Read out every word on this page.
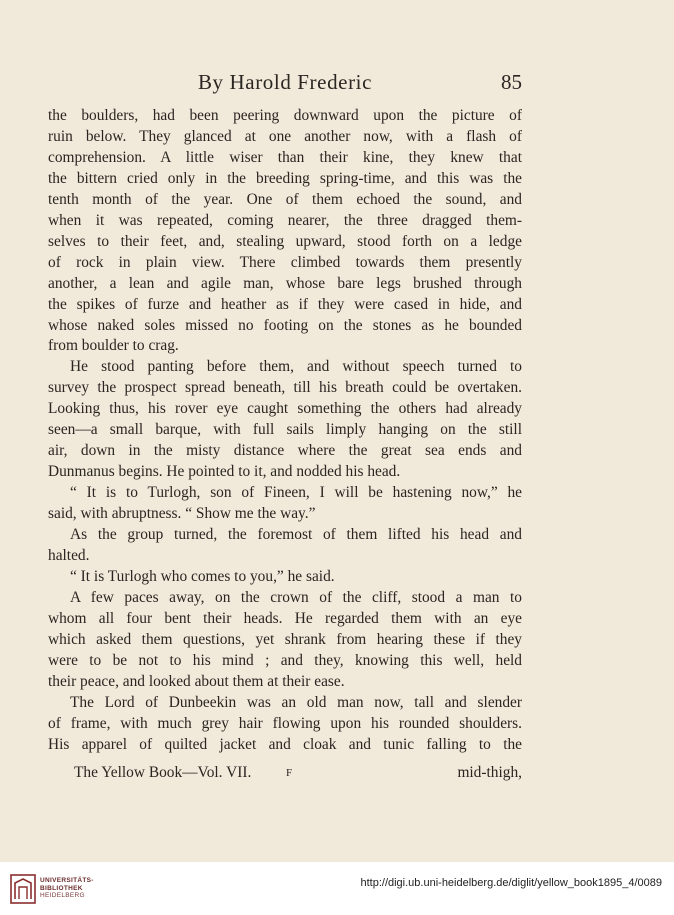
By Harold Frederic	85
the boulders, had been peering downward upon the picture of
ruin below. They glanced at one another now, with a flash of
comprehension. A little wiser than their kine, they knew that
the bittern cried only in the breeding spring-time, and this was the
tenth month of the year. One of them echoed the sound, and
when it was repeated, coming nearer, the three dragged them-
selves to their feet, and, stealing upward, stood forth on a ledge
of rock in plain view. There climbed towards them presently
another, a lean and agile man, whose bare legs brushed through
the spikes of furze and heather as if they were cased in hide, and
whose naked soles missed no footing on the stones as he bounded
from boulder to crag.
He stood panting before them, and without speech turned to
survey the prospect spread beneath, till his breath could be overtaken.
Looking thus, his rover eye caught something the others had already
seen—a small barque, with full sails limply hanging on the still
air, down in the misty distance where the great sea ends and
Dunmanus begins. He pointed to it, and nodded his head.
“ It is to Turlogh, son of Fineen, I will be hastening now,” he
said, with abruptness. “ Show me the way.”
As the group turned, the foremost of them lifted his head and
halted.
“ It is Turlogh who comes to you,” he said.
A few paces away, on the crown of the cliff, stood a man to
whom all four bent their heads. He regarded them with an eye
which asked them questions, yet shrank from hearing these if they
were to be not to his mind ; and they, knowing this well, held
their peace, and looked about them at their ease.
The Lord of Dunbeekin was an old man now, tall and slender
of frame, with much grey hair flowing upon his rounded shoulders.
His apparel of quilted jacket and cloak and tunic falling to the
The Yellow Book—Vol. VII.	F	mid-thigh,
UNIVERSITÄTS-
BIBLIOTHEK
HEIDELBERG
http://digi.ub.uni-heidelberg.de/diglit/yellow_book1895_4/0089
